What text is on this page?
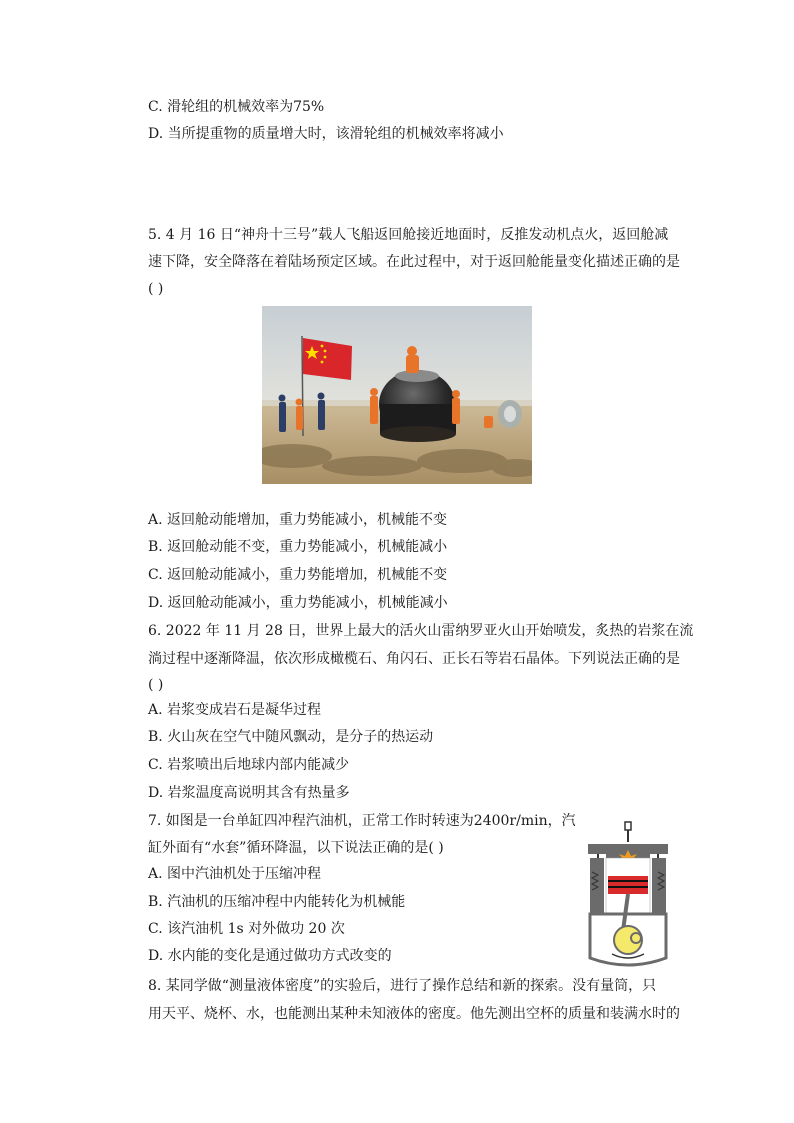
C. 滑轮组的机械效率为75%
D. 当所提重物的质量增大时，该滑轮组的机械效率将减小
5. 4 月 16 日“神舟十三号”载人飞船返回舱接近地面时，反推发动机点火，返回舱减
速下降，安全降落在着陆场预定区域。在此过程中，对于返回舱能量变化描述正确的是
( )
A. 返回舱动能增加，重力势能减小，机械能不变
B. 返回舱动能不变，重力势能减小，机械能减小
C. 返回舱动能减小，重力势能增加，机械能不变
D. 返回舱动能减小，重力势能减小，机械能减小
6. 2022 年 11 月 28 日，世界上最大的活火山雷纳罗亚火山开始喷发，炙热的岩浆在流
淌过程中逐渐降温，依次形成橄榄石、角闪石、正长石等岩石晶体。下列说法正确的是
( )
A. 岩浆变成岩石是凝华过程
B. 火山灰在空气中随风飘动，是分子的热运动
C. 岩浆喷出后地球内部内能减少
D. 岩浆温度高说明其含有热量多
7. 如图是一台单缸四冲程汽油机，正常工作时转速为2400r/min，汽
缸外面有“水套”循环降温，以下说法正确的是( )
A. 图中汽油机处于压缩冲程
B. 汽油机的压缩冲程中内能转化为机械能
C. 该汽油机 1s 对外做功 20 次
D. 水内能的变化是通过做功方式改变的
8. 某同学做“测量液体密度”的实验后，进行了操作总结和新的探索。没有量筒，只
用天平、烧杯、水，也能测出某种未知液体的密度。他先测出空杯的质量和装满水时的
